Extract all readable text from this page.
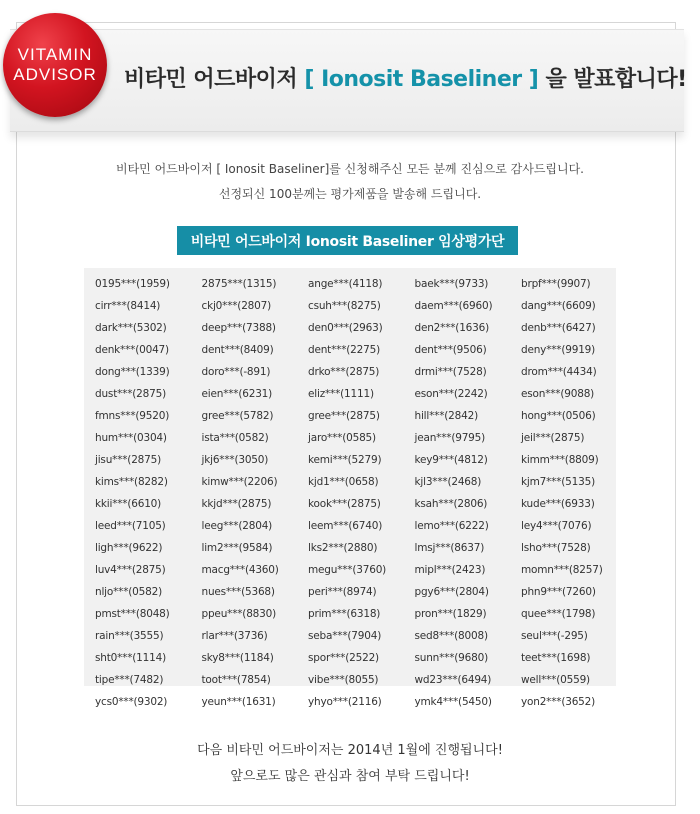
VITAMIN
ADVISOR 비타민 어드바이저 [ Ionosit Baseliner ] 을 발표합니다!
비타민 어드바이저 [ Ionosit Baseliner]를 신청해주신 모든 분께 진심으로 감사드립니다.
선정되신 100분께는 평가제품을 발송해 드립니다.
비타민 어드바이저 Ionosit Baseliner 임상평가단
0195***(1959)	2875***(1315)	ange***(4118)	baek***(9733)	brpf***(9907)
cirr***(8414)	ckj0***(2807)	csuh***(8275)	daem***(6960)	dang***(6609)
dark***(5302)	deep***(7388)	den0***(2963)	den2***(1636)	denb***(6427)
denk***(0047)	dent***(8409)	dent***(2275)	dent***(9506)	deny***(9919)
dong***(1339)	doro***(-891)	drko***(2875)	drmi***(7528)	drom***(4434)
dust***(2875)	eien***(6231)	eliz***(1111)	eson***(2242)	eson***(9088)
fmns***(9520)	gree***(5782)	gree***(2875)	hill***(2842)	hong***(0506)
hum***(0304)	ista***(0582)	jaro***(0585)	jean***(9795)	jeil***(2875)
jisu***(2875)	jkj6***(3050)	kemi***(5279)	key9***(4812)	kimm***(8809)
kims***(8282)	kimw***(2206)	kjd1***(0658)	kjl3***(2468)	kjm7***(5135)
kkii***(6610)	kkjd***(2875)	kook***(2875)	ksah***(2806)	kude***(6933)
leed***(7105)	leeg***(2804)	leem***(6740)	lemo***(6222)	ley4***(7076)
ligh***(9622)	lim2***(9584)	lks2***(2880)	lmsj***(8637)	lsho***(7528)
luv4***(2875)	macg***(4360)	megu***(3760)	mipl***(2423)	momn***(8257)
nljo***(0582)	nues***(5368)	peri***(8974)	pgy6***(2804)	phn9***(7260)
pmst***(8048)	ppeu***(8830)	prim***(6318)	pron***(1829)	quee***(1798)
rain***(3555)	rlar***(3736)	seba***(7904)	sed8***(8008)	seul***(-295)
sht0***(1114)	sky8***(1184)	spor***(2522)	sunn***(9680)	teet***(1698)
tipe***(7482)	toot***(7854)	vibe***(8055)	wd23***(6494)	well***(0559)
ycs0***(9302)	yeun***(1631)	yhyo***(2116)	ymk4***(5450)	yon2***(3652)
다음 비타민 어드바이저는 2014년 1월에 진행됩니다!
앞으로도 많은 관심과 참여 부탁 드립니다!
